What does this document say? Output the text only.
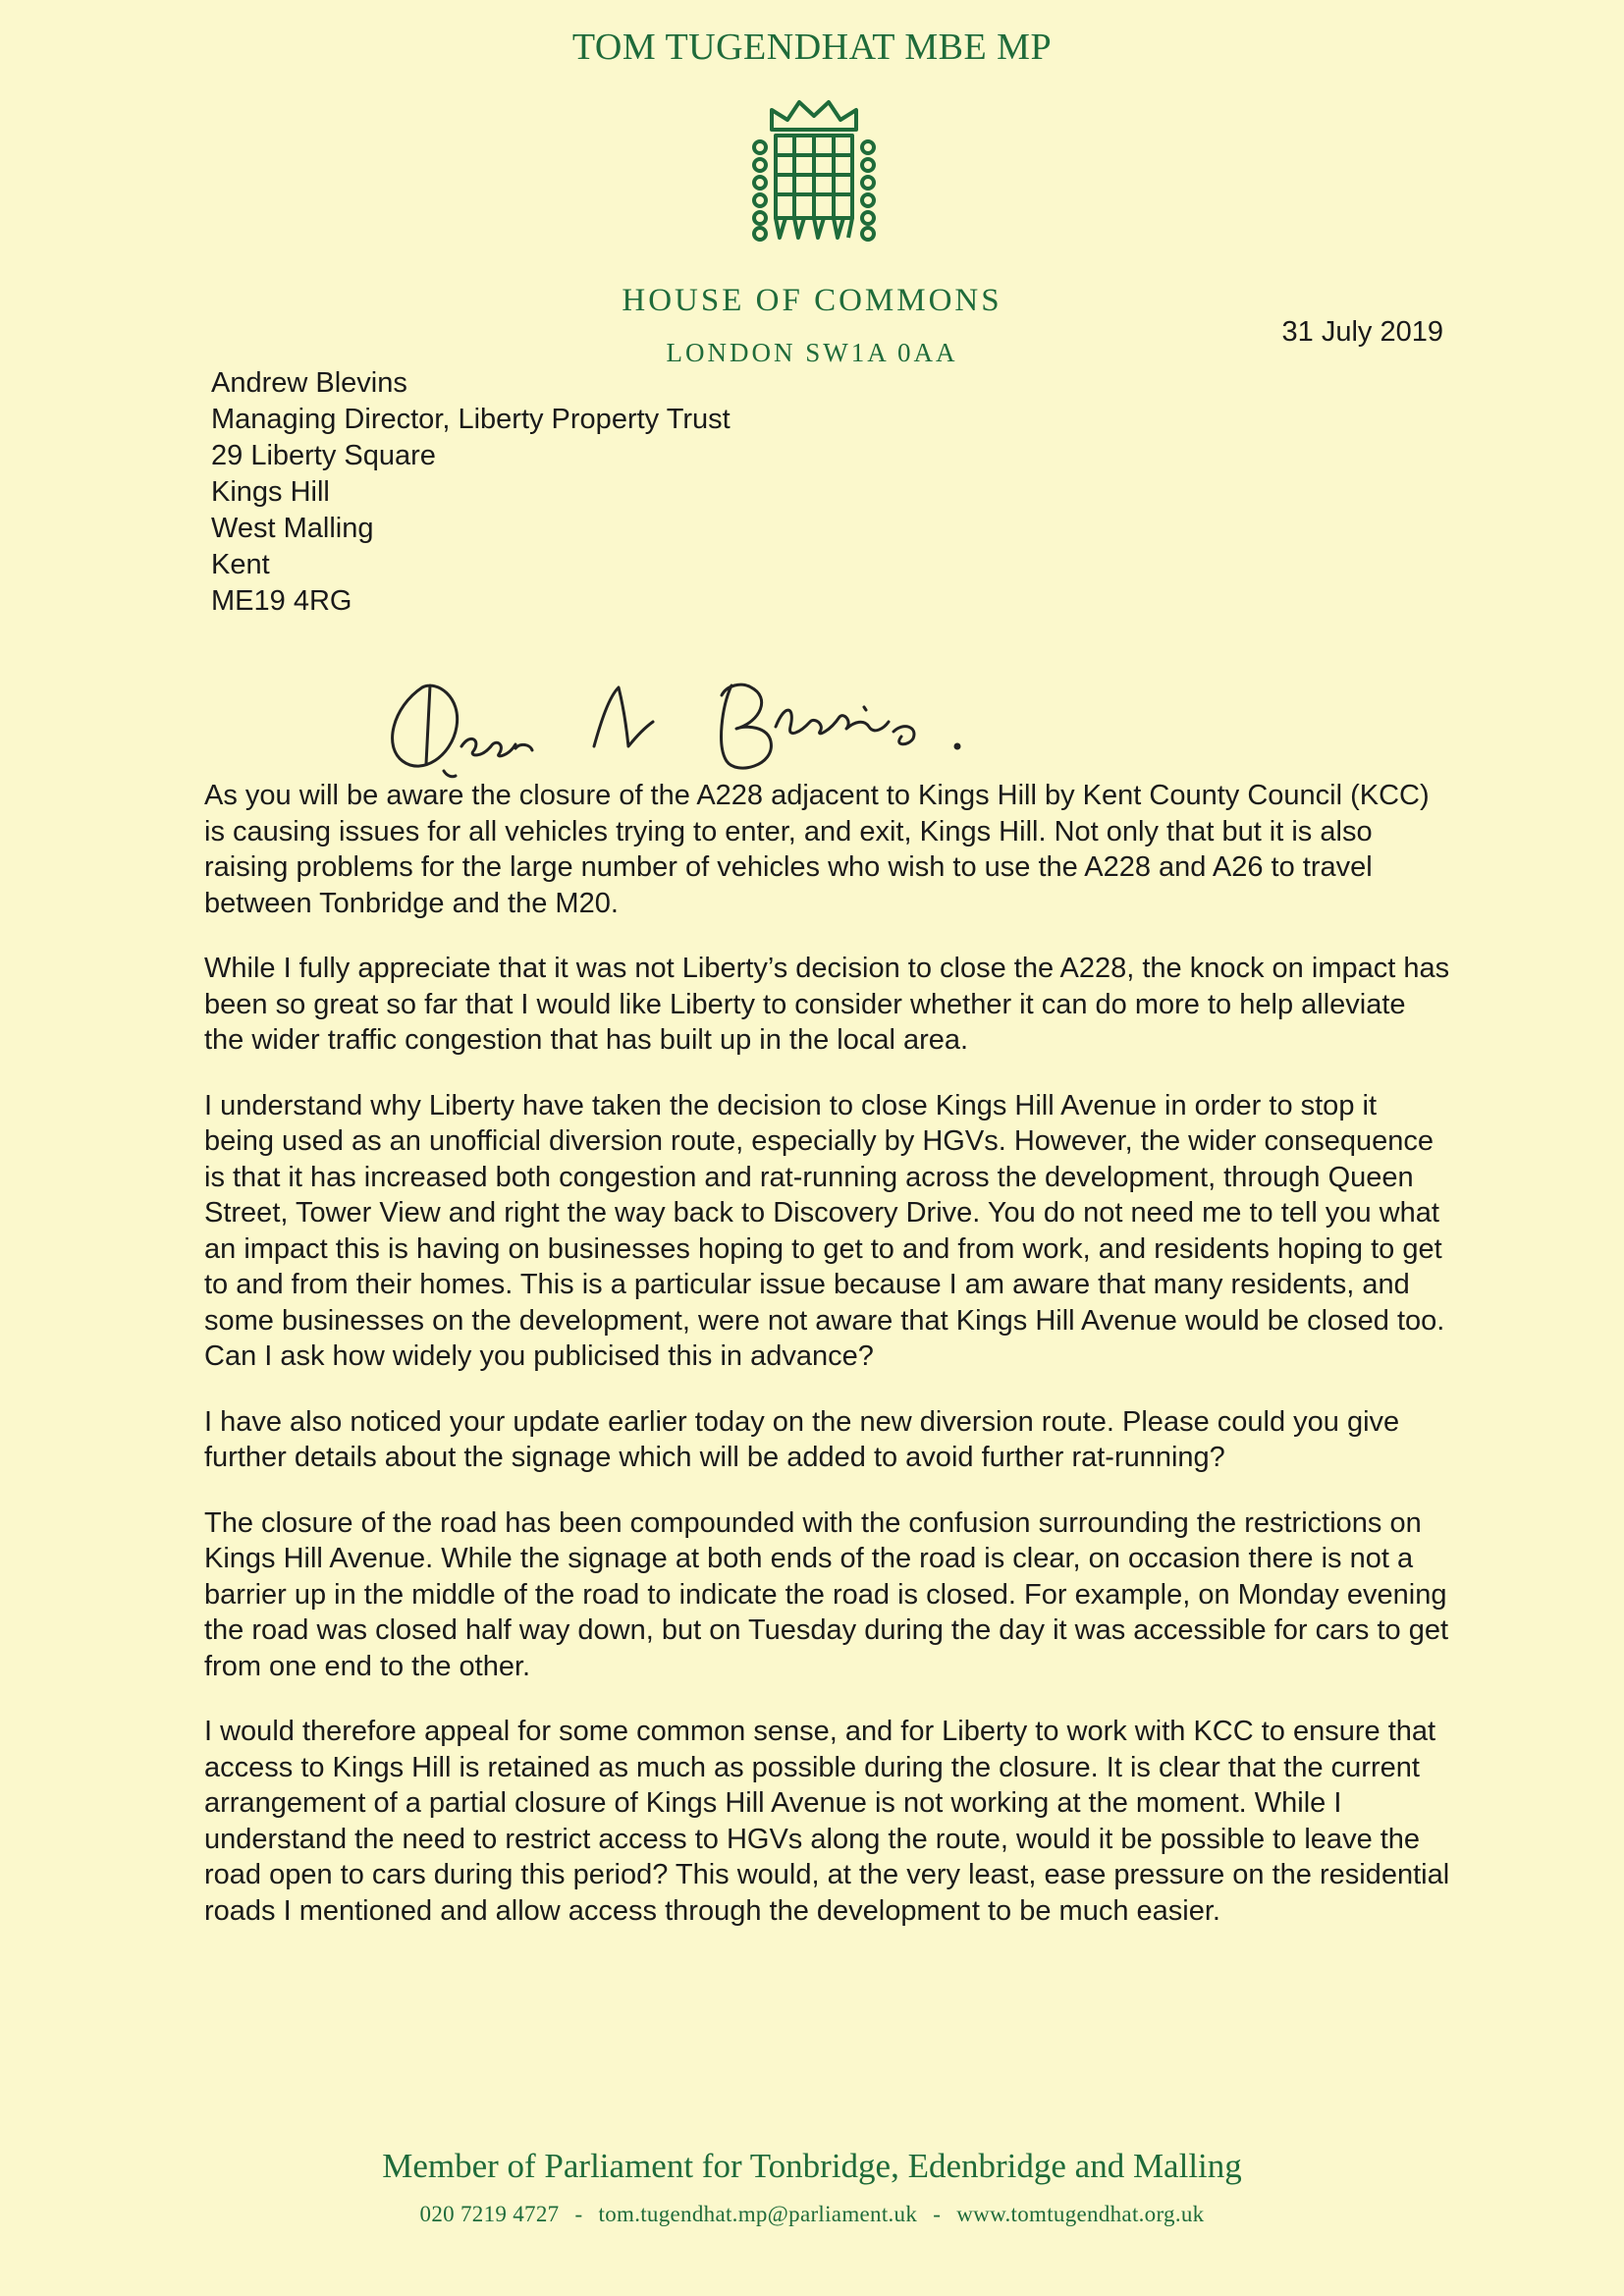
TOM TUGENDHAT MBE MP
HOUSE OF COMMONS
LONDON SW1A 0AA
31 July 2019
Andrew Blevins
Managing Director, Liberty Property Trust
29 Liberty Square
Kings Hill
West Malling
Kent
ME19 4RG

As you will be aware the closure of the A228 adjacent to Kings Hill by Kent County Council (KCC) is causing issues for all vehicles trying to enter, and exit, Kings Hill. Not only that but it is also raising problems for the large number of vehicles who wish to use the A228 and A26 to travel between Tonbridge and the M20.

While I fully appreciate that it was not Liberty’s decision to close the A228, the knock on impact has been so great so far that I would like Liberty to consider whether it can do more to help alleviate the wider traffic congestion that has built up in the local area.

I understand why Liberty have taken the decision to close Kings Hill Avenue in order to stop it being used as an unofficial diversion route, especially by HGVs. However, the wider consequence is that it has increased both congestion and rat-running across the development, through Queen Street, Tower View and right the way back to Discovery Drive. You do not need me to tell you what an impact this is having on businesses hoping to get to and from work, and residents hoping to get to and from their homes. This is a particular issue because I am aware that many residents, and some businesses on the development, were not aware that Kings Hill Avenue would be closed too. Can I ask how widely you publicised this in advance?

I have also noticed your update earlier today on the new diversion route. Please could you give further details about the signage which will be added to avoid further rat-running?

The closure of the road has been compounded with the confusion surrounding the restrictions on Kings Hill Avenue. While the signage at both ends of the road is clear, on occasion there is not a barrier up in the middle of the road to indicate the road is closed. For example, on Monday evening the road was closed half way down, but on Tuesday during the day it was accessible for cars to get from one end to the other.

I would therefore appeal for some common sense, and for Liberty to work with KCC to ensure that access to Kings Hill is retained as much as possible during the closure. It is clear that the current arrangement of a partial closure of Kings Hill Avenue is not working at the moment. While I understand the need to restrict access to HGVs along the route, would it be possible to leave the road open to cars during this period? This would, at the very least, ease pressure on the residential roads I mentioned and allow access through the development to be much easier.

Member of Parliament for Tonbridge, Edenbridge and Malling
020 7219 4727 - tom.tugendhat.mp@parliament.uk - www.tomtugendhat.org.uk
